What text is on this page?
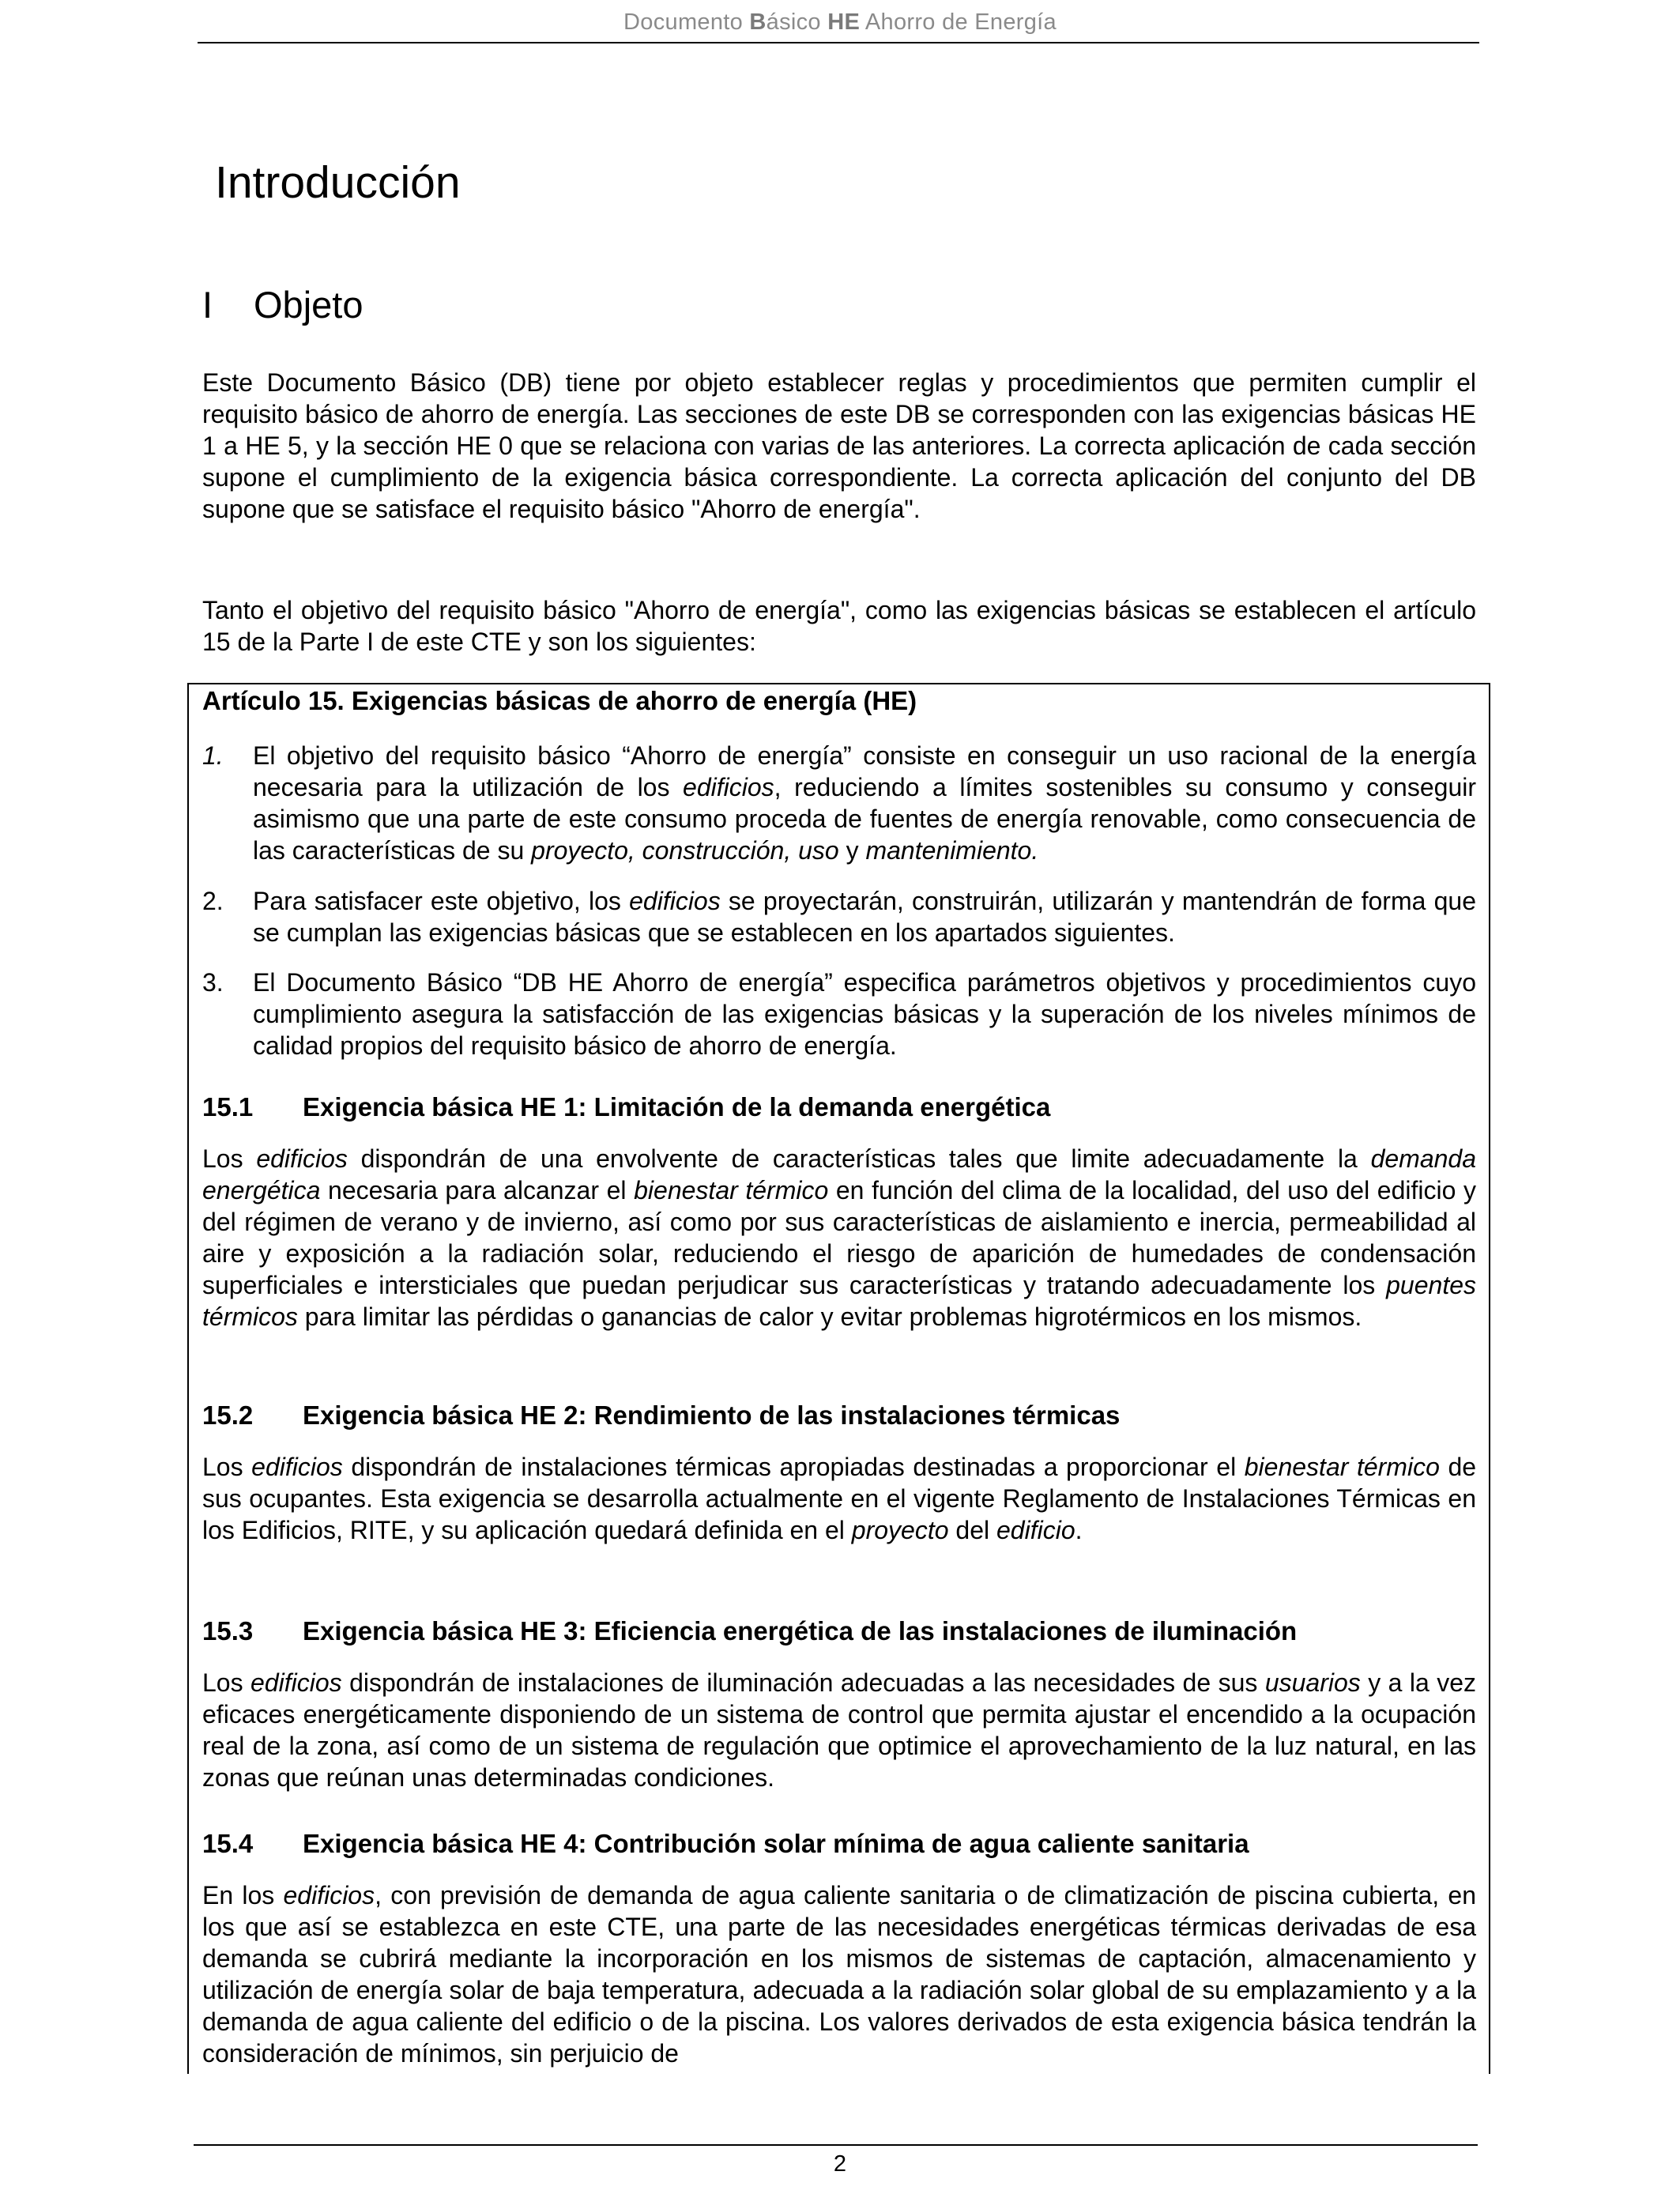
Documento Básico HE Ahorro de Energía
Introducción
I Objeto

Este Documento Básico (DB) tiene por objeto establecer reglas y procedimientos que permiten cumplir el requisito básico de ahorro de energía. Las secciones de este DB se corresponden con las exigencias básicas HE 1 a HE 5, y la sección HE 0 que se relaciona con varias de las anteriores. La correcta aplicación de cada sección supone el cumplimiento de la exigencia básica correspondiente. La correcta aplicación del conjunto del DB supone que se satisface el requisito básico "Ahorro de energía".

Tanto el objetivo del requisito básico "Ahorro de energía", como las exigencias básicas se establecen el artículo 15 de la Parte I de este CTE y son los siguientes:

Artículo 15. Exigencias básicas de ahorro de energía (HE)
1. El objetivo del requisito básico “Ahorro de energía” consiste en conseguir un uso racional de la energía necesaria para la utilización de los edificios, reduciendo a límites sostenibles su consumo y conseguir asimismo que una parte de este consumo proceda de fuentes de energía renovable, como consecuencia de las características de su proyecto, construcción, uso y mantenimiento.
2. Para satisfacer este objetivo, los edificios se proyectarán, construirán, utilizarán y mantendrán de forma que se cumplan las exigencias básicas que se establecen en los apartados siguientes.
3. El Documento Básico “DB HE Ahorro de energía” especifica parámetros objetivos y procedimientos cuyo cumplimiento asegura la satisfacción de las exigencias básicas y la superación de los niveles mínimos de calidad propios del requisito básico de ahorro de energía.
15.1 Exigencia básica HE 1: Limitación de la demanda energética

Los edificios dispondrán de una envolvente de características tales que limite adecuadamente la demanda energética necesaria para alcanzar el bienestar térmico en función del clima de la localidad, del uso del edificio y del régimen de verano y de invierno, así como por sus características de aislamiento e inercia, permeabilidad al aire y exposición a la radiación solar, reduciendo el riesgo de aparición de humedades de condensación superficiales e intersticiales que puedan perjudicar sus características y tratando adecuadamente los puentes térmicos para limitar las pérdidas o ganancias de calor y evitar problemas higrotérmicos en los mismos.

15.2 Exigencia básica HE 2: Rendimiento de las instalaciones térmicas

Los edificios dispondrán de instalaciones térmicas apropiadas destinadas a proporcionar el bienestar térmico de sus ocupantes. Esta exigencia se desarrolla actualmente en el vigente Reglamento de Instalaciones Térmicas en los Edificios, RITE, y su aplicación quedará definida en el proyecto del edificio.

15.3 Exigencia básica HE 3: Eficiencia energética de las instalaciones de iluminación

Los edificios dispondrán de instalaciones de iluminación adecuadas a las necesidades de sus usuarios y a la vez eficaces energéticamente disponiendo de un sistema de control que permita ajustar el encendido a la ocupación real de la zona, así como de un sistema de regulación que optimice el aprovechamiento de la luz natural, en las zonas que reúnan unas determinadas condiciones.

15.4 Exigencia básica HE 4: Contribución solar mínima de agua caliente sanitaria

En los edificios, con previsión de demanda de agua caliente sanitaria o de climatización de piscina cubierta, en los que así se establezca en este CTE, una parte de las necesidades energéticas térmicas derivadas de esa demanda se cubrirá mediante la incorporación en los mismos de sistemas de captación, almacenamiento y utilización de energía solar de baja temperatura, adecuada a la radiación solar global de su emplazamiento y a la demanda de agua caliente del edificio o de la piscina. Los valores derivados de esta exigencia básica tendrán la consideración de mínimos, sin perjuicio de

2
